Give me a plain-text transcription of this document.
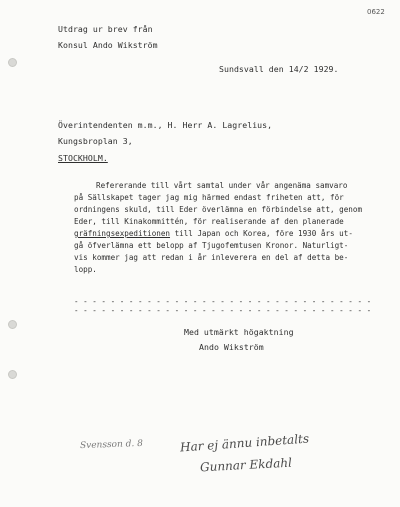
0622
Utdrag ur brev från
Konsul Ando Wikström
Sundsvall den 14/2 1929.
Överintendenten m.m., H. Herr A. Lagrelius,
Kungsbroplan 3,
STOCKHOLM.
Refererande till vårt samtal under vår angenäma samvaro
på Sällskapet tager jag mig härmed endast friheten att, för
ordningens skuld, till Eder överlämna en förbindelse att, genom
Eder, till Kinakommittén, för realiserande af den planerade
gräfningsexpeditionen till Japan och Korea, före 1930 års ut-
gå öfverlämna ett belopp af Tjugofemtusen Kronor. Naturligt-
vis kommer jag att redan i år inleverera en del af detta be-
lopp.
- - - - - - - - - - - - - - - - - - - - - - - - - - - - - - - - -
- - - - - - - - - - - - - - - - - - - - - - - - - - - - - - - - -
Med utmärkt högaktning
Ando Wikström
Svensson d. 8	Har ej ännu inbetalts
Gunnar Ekdahl
